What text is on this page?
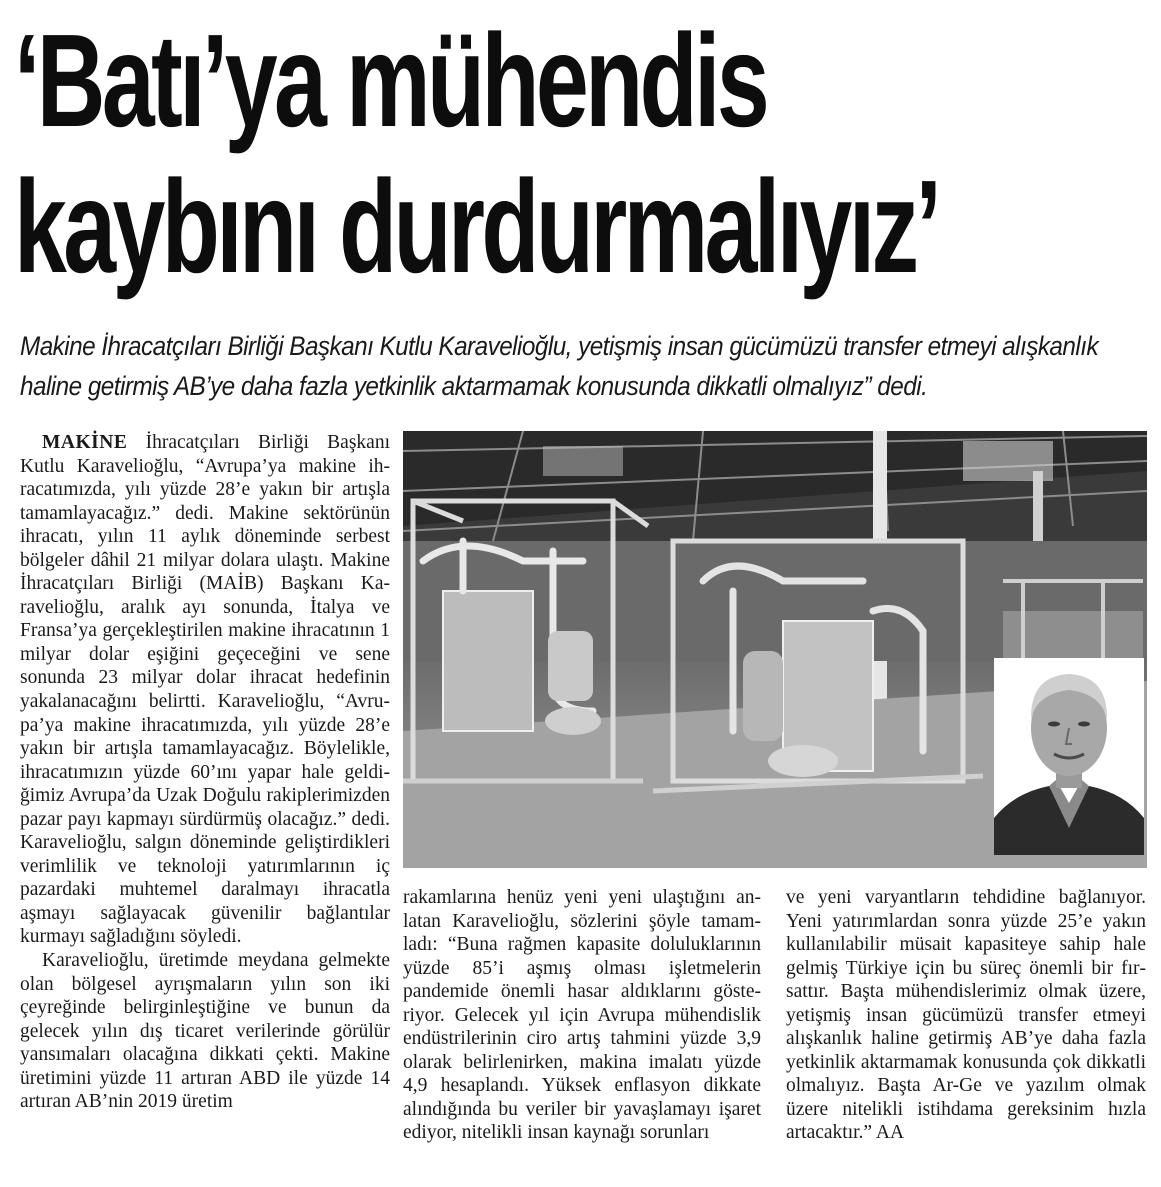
‘Batı’ya mühendis
kaybını durdurmalıyız’

Makine İhracatçıları Birliği Başkanı Kutlu Karavelioğlu, yetişmiş insan gücümüzü transfer etmeyi alışkanlık haline getirmiş AB’ye daha fazla yetkinlik aktarmamak konusunda dikkatli olmalıyız” dedi.

MAKİNE İhracatçıları Birliği Başkanı Kutlu Karavelioğlu, “Avrupa’ya makine ihracatımızda, yılı yüzde 28’e yakın bir artışla tamamlayacağız.” dedi. Makine sektörünün ihracatı, yılın 11 aylık döneminde serbest bölgeler dâhil 21 milyar dolara ulaştı. Makine İhracatçıları Birliği (MAİB) Başkanı Karavelioğlu, aralık ayı sonunda, İtalya ve Fransa’ya gerçekleştirilen makine ihracatının 1 milyar dolar eşiğini geçeceğini ve sene sonunda 23 milyar dolar ihracat hedefinin yakalanacağını belirtti. Karavelioğlu, “Avrupa’ya makine ihracatımızda, yılı yüzde 28’e yakın bir artışla tamamlayacağız. Böylelikle, ihracatımızın yüzde 60’ını yapar hale geldiğimiz Avrupa’da Uzak Doğulu rakiplerimizden pazar payı kapmayı sürdürmüş olacağız.” dedi. Karavelioğlu, salgın döneminde geliştirdikleri verimlilik ve teknoloji yatırımlarının iç pazardaki muhtemel daralmayı ihracatla aşmayı sağlayacak güvenilir bağlantılar kurmayı sağladığını söyledi.

Karavelioğlu, üretimde meydana gelmekte olan bölgesel ayrışmaların yılın son iki çeyreğinde belirginleştiğine ve bunun da gelecek yılın dış ticaret verilerinde görülür yansımaları olacağına dikkati çekti. Makine üretimini yüzde 11 artıran ABD ile yüzde 14 artıran AB’nin 2019 üretim

rakamlarına henüz yeni yeni ulaştığını anlatan Karavelioğlu, sözlerini şöyle tamamladı: “Buna rağmen kapasite doluluklarının yüzde 85’i aşmış olması işletmelerin pandemide önemli hasar aldıklarını gösteriyor. Gelecek yıl için Avrupa mühendislik endüstrilerinin ciro artış tahmini yüzde 3,9 olarak belirlenirken, makina imalatı yüzde 4,9 hesaplandı. Yüksek enflasyon dikkate alındığında bu veriler bir yavaşlamayı işaret ediyor, nitelikli insan kaynağı sorunları

ve yeni varyantların tehdidine bağlanıyor. Yeni yatırımlardan sonra yüzde 25’e yakın kullanılabilir müsait kapasiteye sahip hale gelmiş Türkiye için bu süreç önemli bir fırsattır. Başta mühendislerimiz olmak üzere, yetişmiş insan gücümüzü transfer etmeyi alışkanlık haline getirmiş AB’ye daha fazla yetkinlik aktarmamak konusunda çok dikkatli olmalıyız. Başta Ar-Ge ve yazılım olmak üzere nitelikli istihdama gereksinim hızla artacaktır.” AA
